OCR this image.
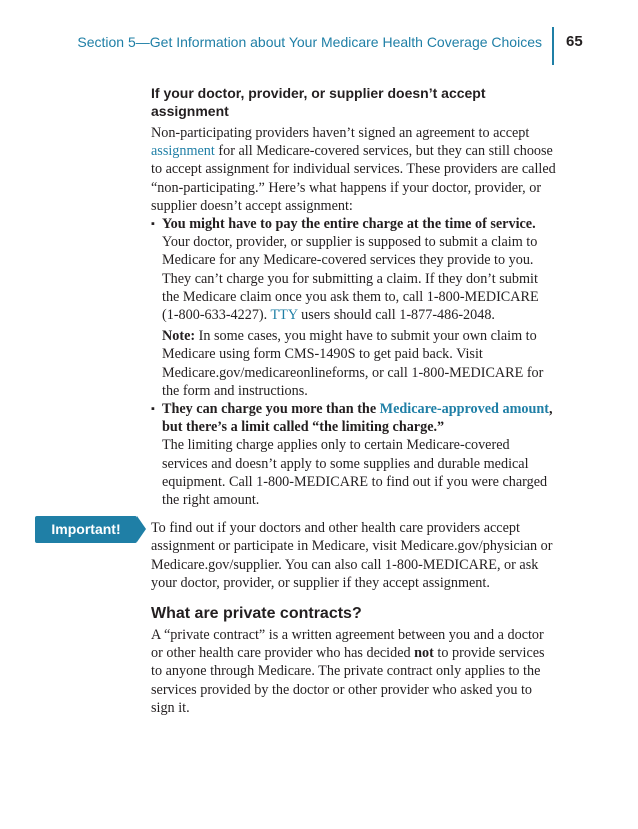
Section 5—Get Information about Your Medicare Health Coverage Choices 65
If your doctor, provider, or supplier doesn’t accept assignment

Non-participating providers haven’t signed an agreement to accept assignment for all Medicare-covered services, but they can still choose to accept assignment for individual services. These providers are called “non-participating.” Here’s what happens if your doctor, provider, or supplier doesn’t accept assignment:

▪ You might have to pay the entire charge at the time of service.
Your doctor, provider, or supplier is supposed to submit a claim to Medicare for any Medicare-covered services they provide to you. They can’t charge you for submitting a claim. If they don’t submit the Medicare claim once you ask them to, call 1-800-MEDICARE (1-800-633-4227). TTY users should call 1-877-486-2048.
Note: In some cases, you might have to submit your own claim to Medicare using form CMS-1490S to get paid back. Visit Medicare.gov/medicareonlineforms, or call 1-800-MEDICARE for the form and instructions.
▪ They can charge you more than the Medicare-approved amount, but there’s a limit called “the limiting charge.”
The limiting charge applies only to certain Medicare-covered services and doesn’t apply to some supplies and durable medical equipment. Call 1-800-MEDICARE to find out if you were charged the right amount.
Important!	To find out if your doctors and other health care providers accept assignment or participate in Medicare, visit Medicare.gov/physician or Medicare.gov/supplier. You can also call 1-800-MEDICARE, or ask your doctor, provider, or supplier if they accept assignment.

What are private contracts?

A “private contract” is a written agreement between you and a doctor or other health care provider who has decided not to provide services to anyone through Medicare. The private contract only applies to the services provided by the doctor or other provider who asked you to sign it.
